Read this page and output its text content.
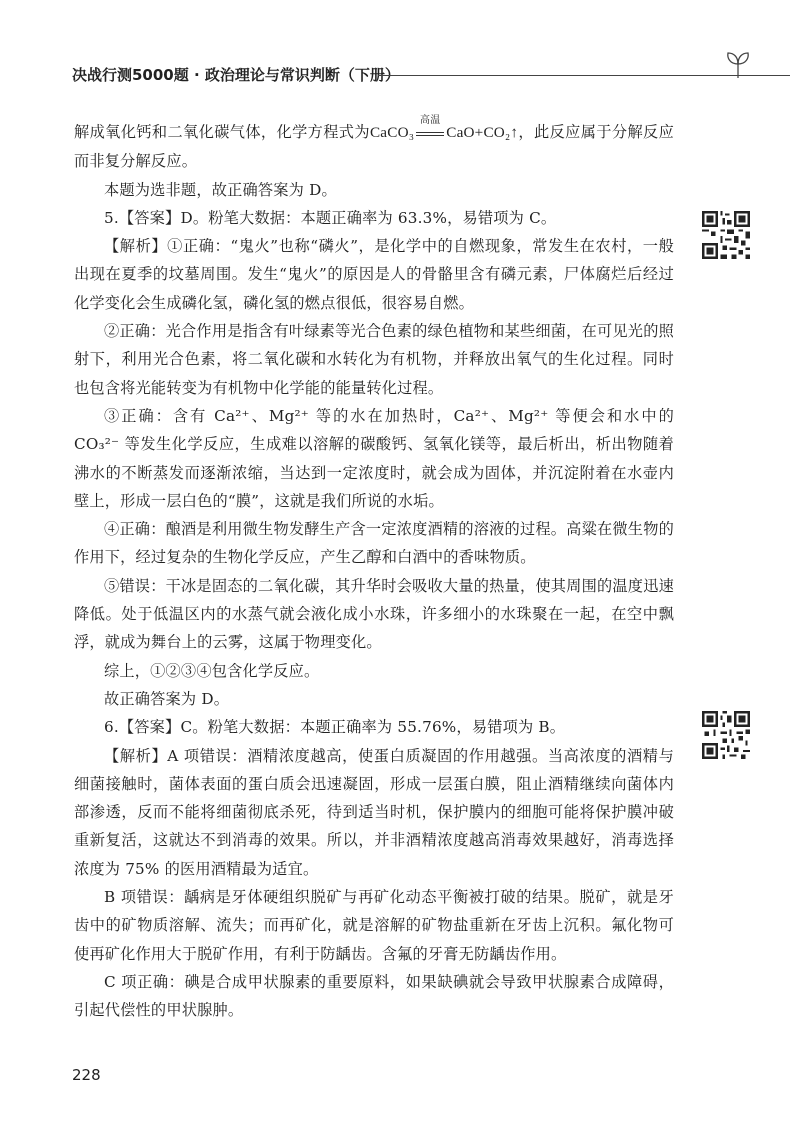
决战行测5000题 · 政治理论与常识判断（下册）

解成氧化钙和二氧化碳气体，化学方程式为CaCO₃
高温
CaO+CO₂↑，此反应属于分解反应而非复分解反应。

本题为选非题，故正确答案为 D。

5.【答案】D。粉笔大数据：本题正确率为 63.3%，易错项为 C。

【解析】①正确：“鬼火”也称“磷火”，是化学中的自燃现象，常发生在农村，一般出现在夏季的坟墓周围。发生“鬼火”的原因是人的骨骼里含有磷元素，尸体腐烂后经过化学变化会生成磷化氢，磷化氢的燃点很低，很容易自燃。

②正确：光合作用是指含有叶绿素等光合色素的绿色植物和某些细菌，在可见光的照射下，利用光合色素，将二氧化碳和水转化为有机物，并释放出氧气的生化过程。同时也包含将光能转变为有机物中化学能的能量转化过程。

③正确：含有 Ca²⁺、Mg²⁺ 等的水在加热时，Ca²⁺、Mg²⁺ 等便会和水中的 CO₃²⁻ 等发生化学反应，生成难以溶解的碳酸钙、氢氧化镁等，最后析出，析出物随着沸水的不断蒸发而逐渐浓缩，当达到一定浓度时，就会成为固体，并沉淀附着在水壶内壁上，形成一层白色的“膜”，这就是我们所说的水垢。

④正确：酿酒是利用微生物发酵生产含一定浓度酒精的溶液的过程。高粱在微生物的作用下，经过复杂的生物化学反应，产生乙醇和白酒中的香味物质。

⑤错误：干冰是固态的二氧化碳，其升华时会吸收大量的热量，使其周围的温度迅速降低。处于低温区内的水蒸气就会液化成小水珠，许多细小的水珠聚在一起，在空中飘浮，就成为舞台上的云雾，这属于物理变化。

综上，①②③④包含化学反应。

故正确答案为 D。

6.【答案】C。粉笔大数据：本题正确率为 55.76%，易错项为 B。

【解析】A 项错误：酒精浓度越高，使蛋白质凝固的作用越强。当高浓度的酒精与细菌接触时，菌体表面的蛋白质会迅速凝固，形成一层蛋白膜，阻止酒精继续向菌体内部渗透，反而不能将细菌彻底杀死，待到适当时机，保护膜内的细胞可能将保护膜冲破重新复活，这就达不到消毒的效果。所以，并非酒精浓度越高消毒效果越好，消毒选择浓度为 75% 的医用酒精最为适宜。

B 项错误：龋病是牙体硬组织脱矿与再矿化动态平衡被打破的结果。脱矿，就是牙齿中的矿物质溶解、流失；而再矿化，就是溶解的矿物盐重新在牙齿上沉积。氟化物可使再矿化作用大于脱矿作用，有利于防龋齿。含氟的牙膏无防龋齿作用。

C 项正确：碘是合成甲状腺素的重要原料，如果缺碘就会导致甲状腺素合成障碍，引起代偿性的甲状腺肿。

228
